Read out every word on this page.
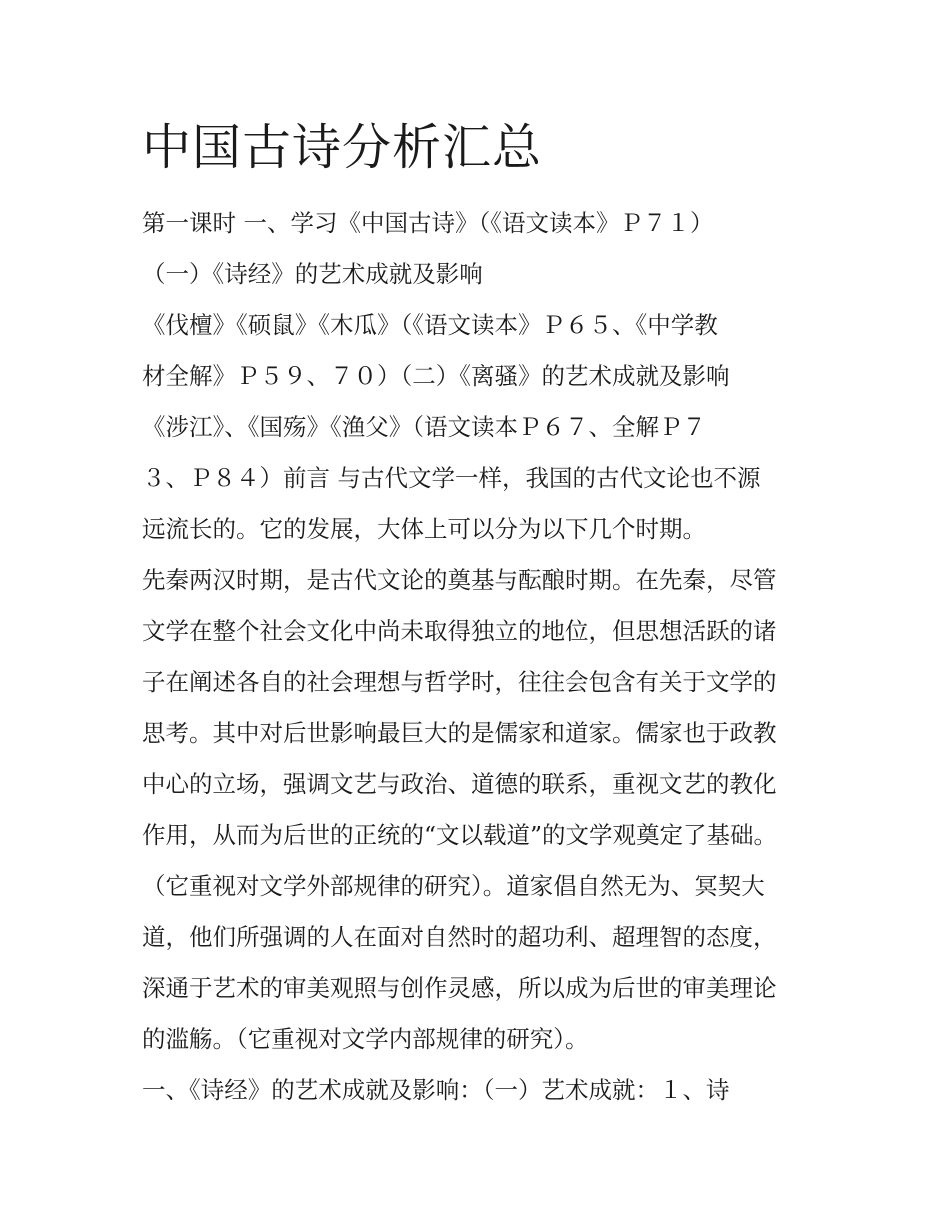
中国古诗分析汇总
第一课时 一、学习《中国古诗》（《语文读本》Ｐ７１）
（一）《诗经》的艺术成就及影响
《伐檀》《硕鼠》《木瓜》（《语文读本》Ｐ６５、《中学教
材全解》Ｐ５９、７０）（二）《离骚》的艺术成就及影响
《涉江》、《国殇》《渔父》（语文读本Ｐ６７、全解Ｐ７
３、Ｐ８４）前言 与古代文学一样，我国的古代文论也不源
远流长的。它的发展，大体上可以分为以下几个时期。
先秦两汉时期，是古代文论的奠基与酝酿时期。在先秦，尽管
文学在整个社会文化中尚未取得独立的地位，但思想活跃的诸
子在阐述各自的社会理想与哲学时，往往会包含有关于文学的
思考。其中对后世影响最巨大的是儒家和道家。儒家也于政教
中心的立场，强调文艺与政治、道德的联系，重视文艺的教化
作用，从而为后世的正统的“文以载道”的文学观奠定了基础。
（它重视对文学外部规律的研究）。道家倡自然无为、冥契大
道，他们所强调的人在面对自然时的超功利、超理智的态度，
深通于艺术的审美观照与创作灵感，所以成为后世的审美理论
的滥觞。（它重视对文学内部规律的研究）。
一、《诗经》的艺术成就及影响：（一）艺术成就：１、诗
